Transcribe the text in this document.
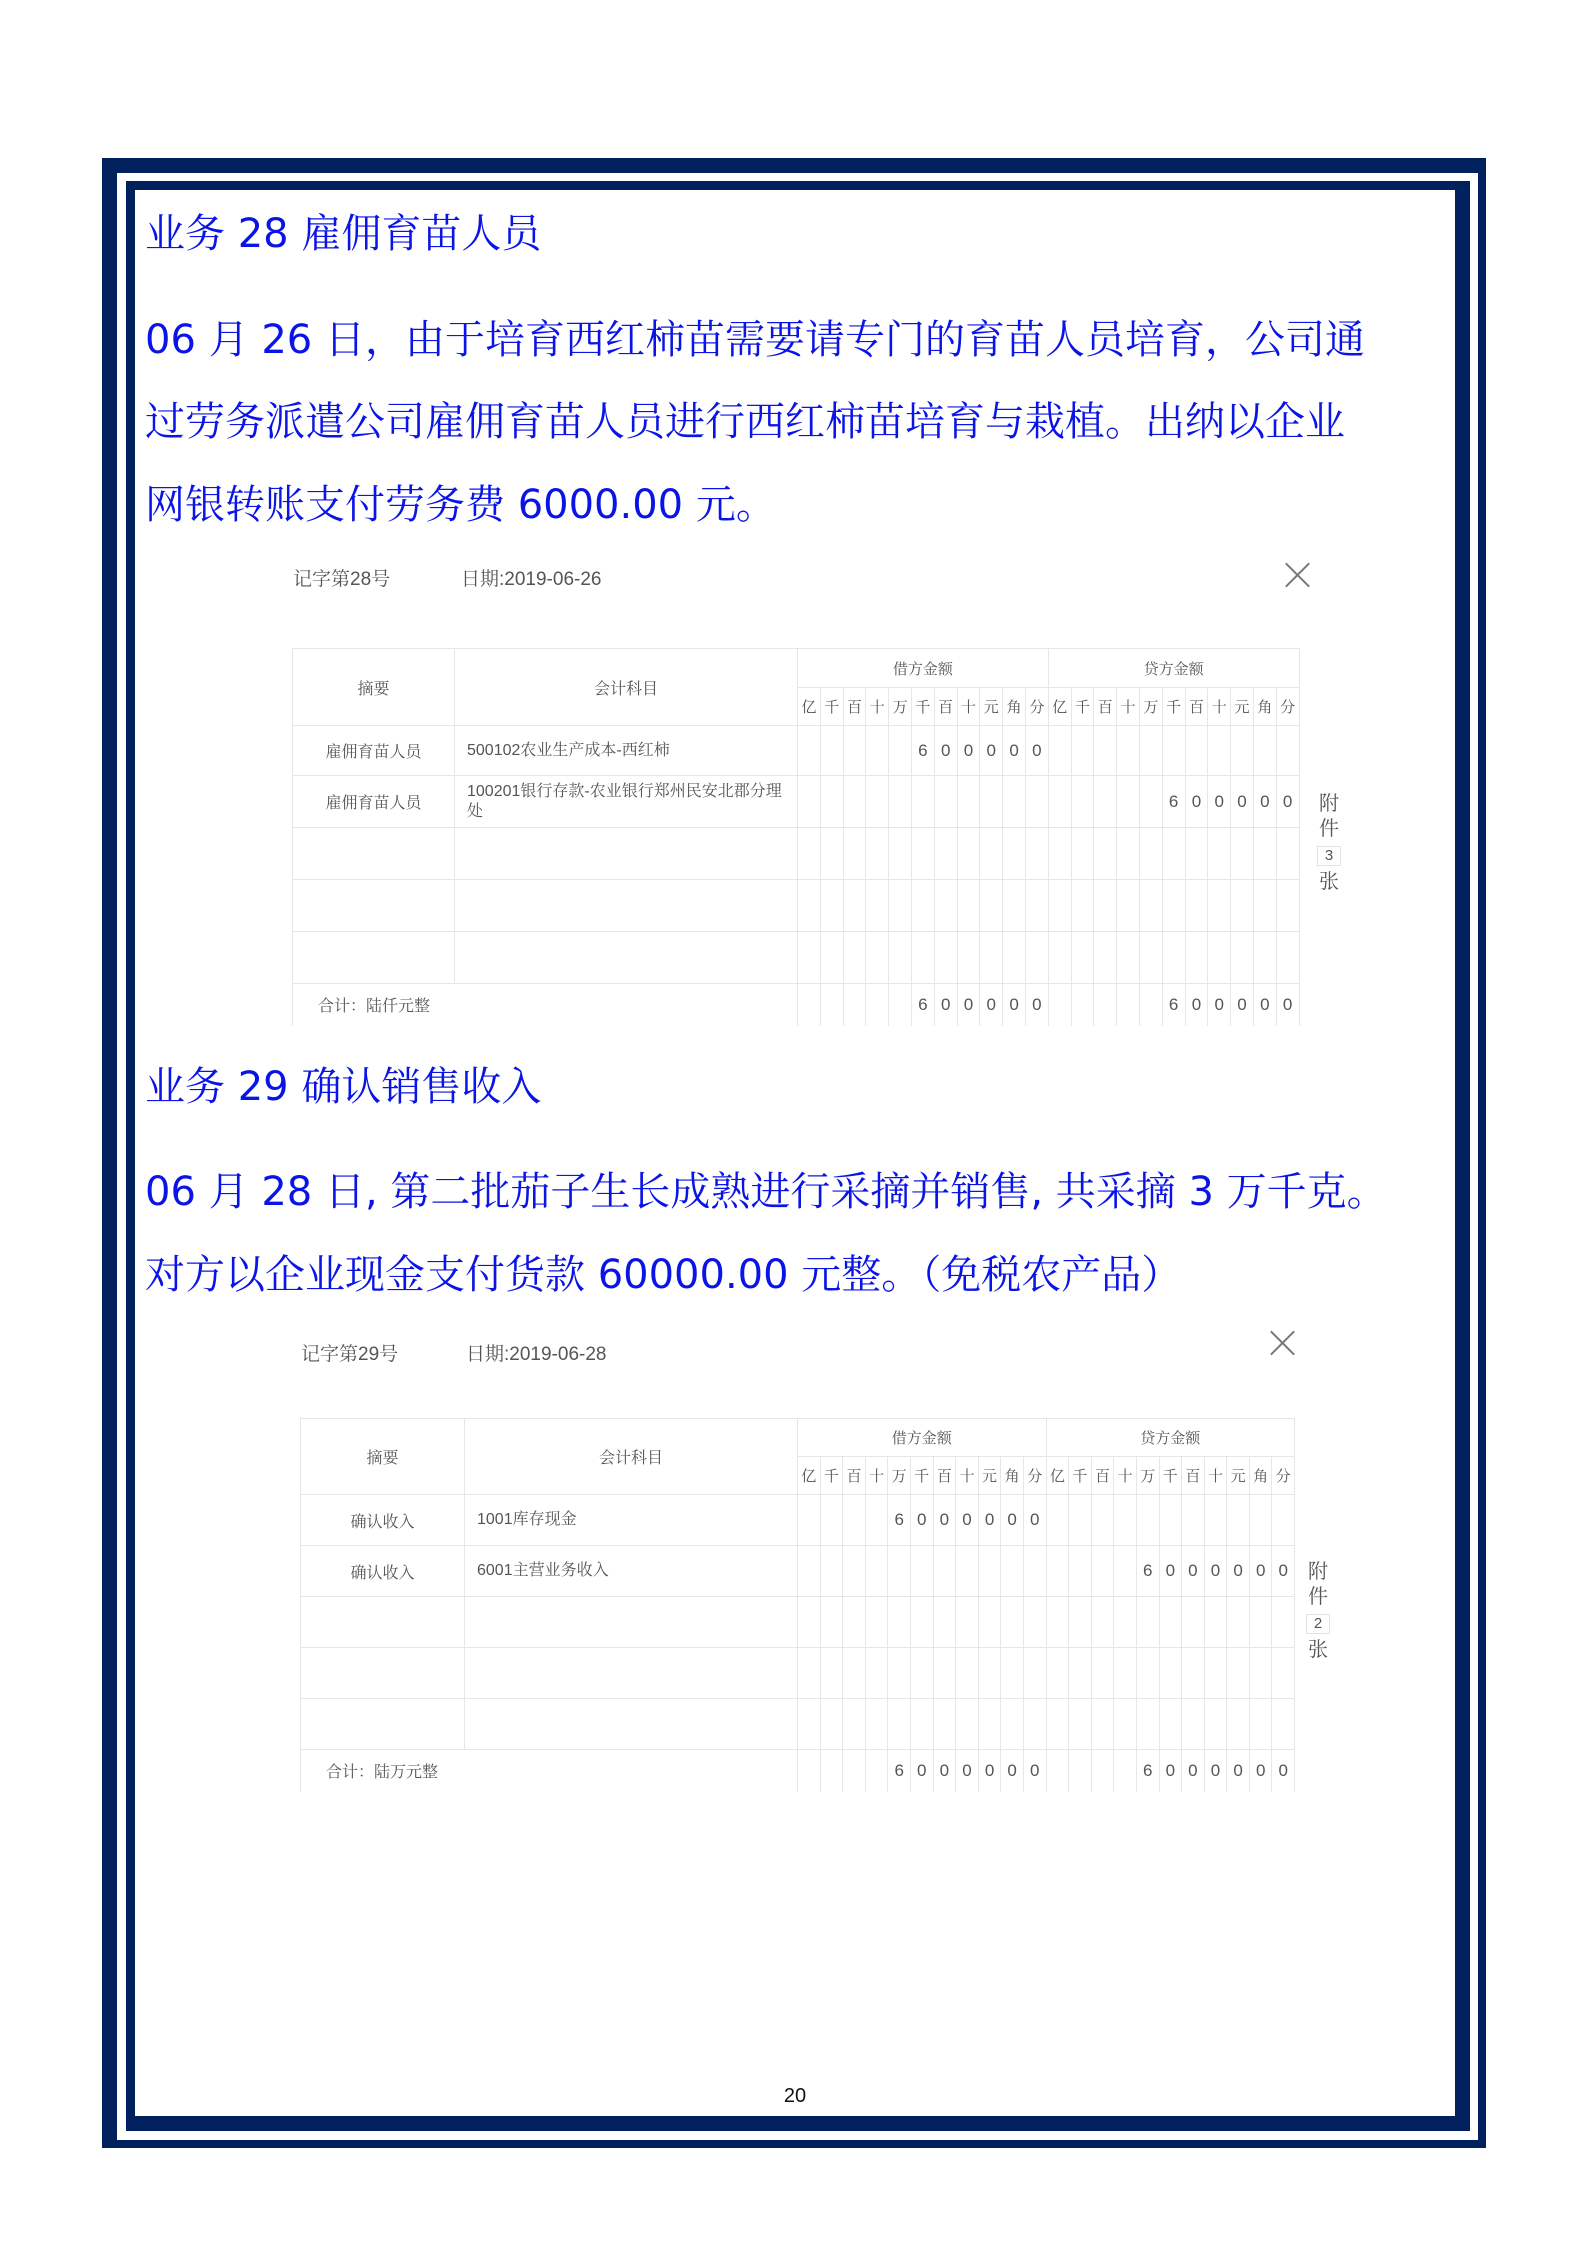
业务 28 雇佣育苗人员
06 月 26 日，由于培育西红柿苗需要请专门的育苗人员培育，公司通
过劳务派遣公司雇佣育苗人员进行西红柿苗培育与栽植。出纳以企业
网银转账支付劳务费 6000.00 元。
记字第28号	日期:2019-06-26
摘要	会计科目	借方金额											贷方金额										
		亿	千	百	十	万	千	百	十	元	角	分	亿	千	百	十	万	千	百	十	元	角	分
雇佣育苗人员	500102农业生产成本-西红柿						6	0	0	0	0	0											
雇佣育苗人员	100201银行存款-农业银行郑州民安北郡分理处																	6	0	0	0	0	0

合计：陆仟元整							6	0	0	0	0	0						6	0	0	0	0	0
附
件
3
张
业务 29 确认销售收入
06 月 28 日, 第二批茄子生长成熟进行采摘并销售, 共采摘 3 万千克。
对方以企业现金支付货款 60000.00 元整。（免税农产品）
记字第29号	日期:2019-06-28
摘要	会计科目	借方金额											贷方金额										
		亿	千	百	十	万	千	百	十	元	角	分	亿	千	百	十	万	千	百	十	元	角	分
确认收入	1001库存现金					6	0	0	0	0	0	0											
确认收入	6001主营业务收入																6	0	0	0	0	0	0

合计：陆万元整						6	0	0	0	0	0	0					6	0	0	0	0	0	0
附
件
2
张
20
